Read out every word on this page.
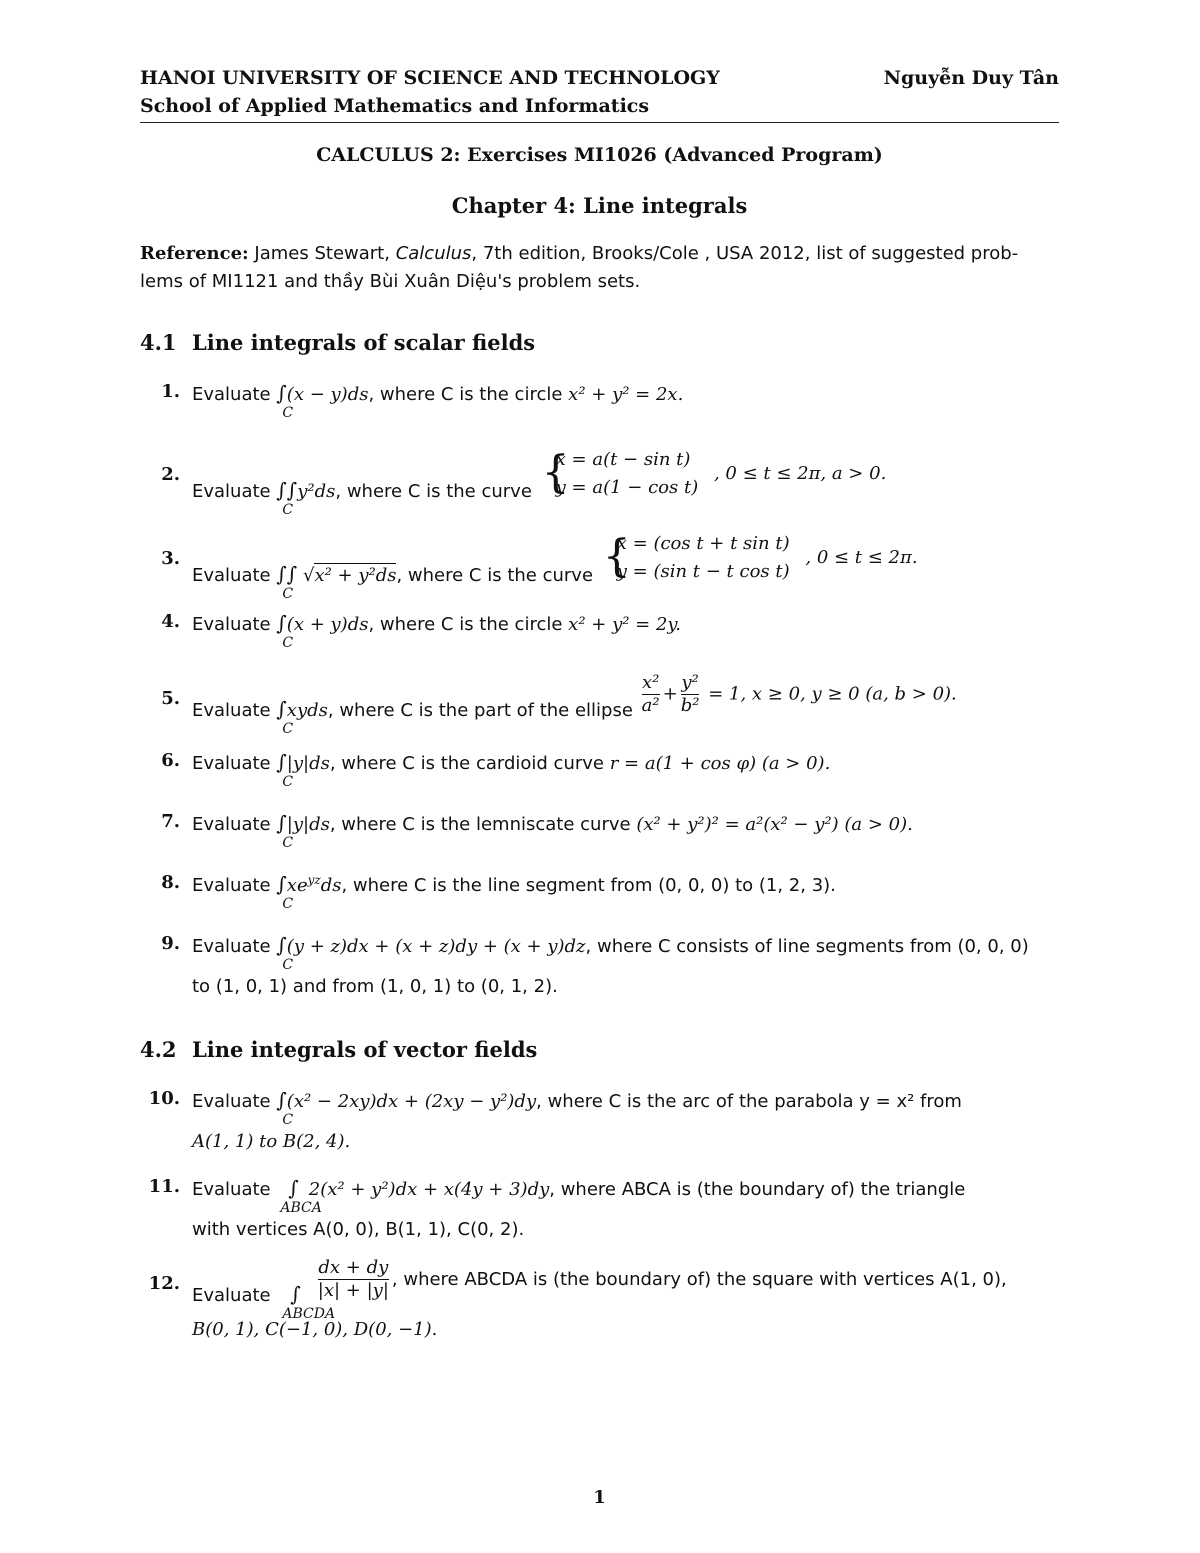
HANOI UNIVERSITY OF SCIENCE AND TECHNOLOGY
School of Applied Mathematics and Informatics
Nguyễn Duy Tân
CALCULUS 2: Exercises MI1026 (Advanced Program)
Chapter 4: Line integrals
Reference: James Stewart, Calculus, 7th edition, Brooks/Cole , USA 2012, list of suggested prob-
lems of MI1121 and thầy Bùi Xuân Diệu's problem sets.
4.1 Line integrals of scalar fields
1. Evaluate ∫
C
(x − y)ds, where C is the circle x² + y² = 2x.
2.
Evaluate ∫∫
C
y²ds, where C is the curve {
x = a(t − sin t)
y = a(1 − cos t)
, 0 ≤ t ≤ 2π, a > 0.
3.
Evaluate ∫∫
C
√x² + y²ds, where C is the curve {
x = (cos t + t sin t)
y = (sin t − t cos t)
, 0 ≤ t ≤ 2π.
4. Evaluate ∫
C
(x + y)ds, where C is the circle x² + y² = 2y.
5.
Evaluate ∫
C
xyds, where C is the part of the ellipse $\frac{\text{x²}}{\text{a²}} + \frac{\text{y²}}{\text{b²}} = 1$, x ≥ 0, y ≥ 0 (a, b > 0).
6. Evaluate ∫
C
|y|ds, where C is the cardioid curve r = a(1 + cos φ) (a > 0).
7. Evaluate ∫
C
|y|ds, where C is the lemniscate curve (x² + y²)² = a²(x² − y²) (a > 0).
8. Evaluate ∫
C
$xe^{yz}ds$, where C is the line segment from (0, 0, 0) to (1, 2, 3).
9. Evaluate ∫
C
(y + z)dx + (x + z)dy + (x + y)dz, where C consists of line segments from (0, 0, 0)
to (1, 0, 1) and from (1, 0, 1) to (0, 1, 2).
4.2 Line integrals of vector fields
10. Evaluate ∫
C
(x² − 2xy)dx + (2xy − y²)dy, where C is the arc of the parabola y = x² from
A(1, 1) to B(2, 4).
11. Evaluate ∫
ABCA
2(x² + y²)dx + x(4y + 3)dy, where ABCA is (the boundary of) the triangle
with vertices A(0, 0), B(1, 1), C(0, 2).
12.
Evaluate ∫
ABCDA
$\frac{dx + dy}{|x| + |y|}$ , where ABCDA is (the boundary of) the square with vertices A(1, 0),
B(0, 1), C(−1, 0), D(0, −1).
1
